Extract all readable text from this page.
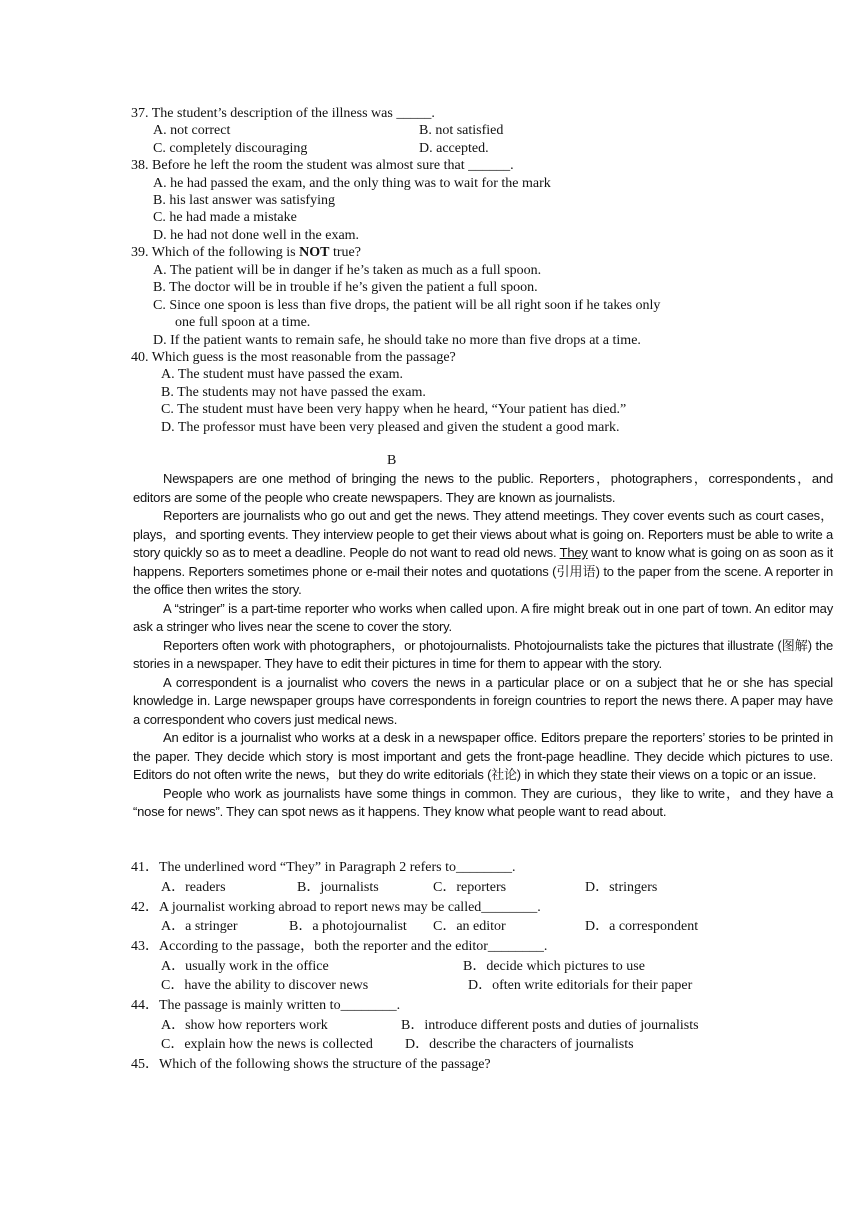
37. The student’s description of the illness was _____.
A. not correct	B. not satisfied
C. completely discouraging	D. accepted.
38. Before he left the room the student was almost sure that ______.
A. he had passed the exam, and the only thing was to wait for the mark
B. his last answer was satisfying
C. he had made a mistake
D. he had not done well in the exam.
39. Which of the following is NOT true?
A. The patient will be in danger if he’s taken as much as a full spoon.
B. The doctor will be in trouble if he’s given the patient a full spoon.
C. Since one spoon is less than five drops, the patient will be all right soon if he takes only
one full spoon at a time.
D. If the patient wants to remain safe, he should take no more than five drops at a time.
40. Which guess is the most reasonable from the passage?
A. The student must have passed the exam.
B. The students may not have passed the exam.
C. The student must have been very happy when he heard, “Your patient has died.”
D. The professor must have been very pleased and given the student a good mark.
B

Newspapers are one method of bringing the news to the public. Reporters，photographers，correspondents，and editors are some of the people who create newspapers. They are known as journalists.

Reporters are journalists who go out and get the news. They attend meetings. They cover events such as court cases，plays，and sporting events. They interview people to get their views about what is going on. Reporters must be able to write a story quickly so as to meet a deadline. People do not want to read old news. They want to know what is going on as soon as it happens. Reporters sometimes phone or e-mail their notes and quotations (引用语) to the paper from the scene. A reporter in the office then writes the story.

A “stringer” is a part-time reporter who works when called upon. A fire might break out in one part of town. An editor may ask a stringer who lives near the scene to cover the story.

Reporters often work with photographers，or photojournalists. Photojournalists take the pictures that illustrate (图解) the stories in a newspaper. They have to edit their pictures in time for them to appear with the story.

A correspondent is a journalist who covers the news in a particular place or on a subject that he or she has special knowledge in. Large newspaper groups have correspondents in foreign countries to report the news there. A paper may have a correspondent who covers just medical news.

An editor is a journalist who works at a desk in a newspaper office. Editors prepare the reporters’ stories to be printed in the paper. They decide which story is most important and gets the front-page headline. They decide which pictures to use. Editors do not often write the news，but they do write editorials (社论) in which they state their views on a topic or an issue.

People who work as journalists have some things in common. They are curious，they like to write，and they have a “nose for news”. They can spot news as it happens. They know what people want to read about.

41．The underlined word “They” in Paragraph 2 refers to________.
A．readers	B．journalists	C．reporters	D．stringers
42．A journalist working abroad to report news may be called________.
A．a stringer	B．a photojournalist C．an editor	D．a correspondent
43．According to the passage，both the reporter and the editor________.
A．usually work in the office	B．decide which pictures to use
C．have the ability to discover news	D．often write editorials for their paper
44．The passage is mainly written to________.
A．show how reporters work	B．introduce different posts and duties of journalists
C．explain how the news is collected D．describe the characters of journalists
45．Which of the following shows the structure of the passage?
